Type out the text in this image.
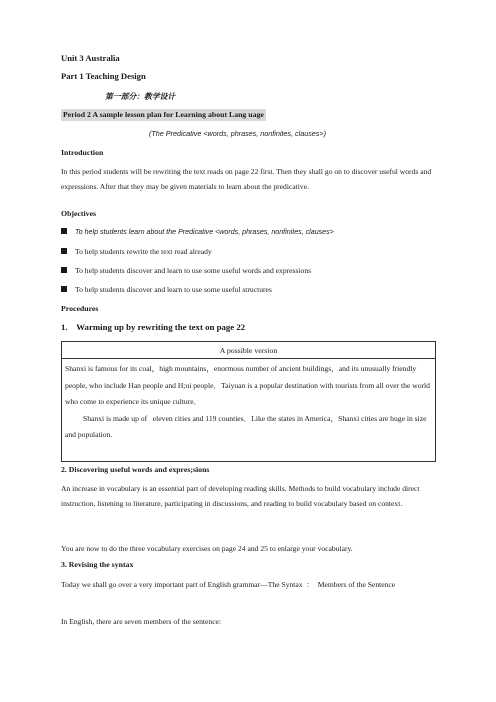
Unit 3 Australia
Part 1 Teaching Design
第一部分：教学设计
Period 2 A sample lesson plan for Learning about Lang uage
(The Predicative <words, phrases, nonfinites, clauses>)
Introduction
In this period students will be rewriting the text reads on page 22 first. Then they shall go on to discover useful words and expressions. After that they may be given materials to learn about the predicative.
Objectives
To help students learn about the Predicative <words, phrases, nonfinites, clauses>
To help students rewrite the text read already
To help students discover and learn to use some useful words and expressions
To help students discover and learn to use some useful structures
Procedures
1.    Warming up by rewriting the text on page 22
A possible version
Shanxi is famous for its coal，high mountains，enormous number of ancient buildings，and its unusually friendly people, who include Han people and H;ui people．Taiyuan is a popular destination with tourists from all over the world who come to experience its unique culture．
Shanxi is made up of   eleven cities and 119 counties．Like the states in America，Shanxi cities are huge in size and population.
2. Discovering useful words and expres;sions
An increase in vocabulary is an essential part of developing reading skills. Methods to build vocabulary include direct instruction, listening to literature, participating in discussions, and reading to build vocabulary based on context.
You are now to do the three vocabulary exercises on page 24 and 25 to enlarge your vocabulary.
3. Revising the syntax
Today we shall go over a very important part of English grammar—The Syntax  ：  Members of the Sentence
In English, there are seven members of the sentence:
